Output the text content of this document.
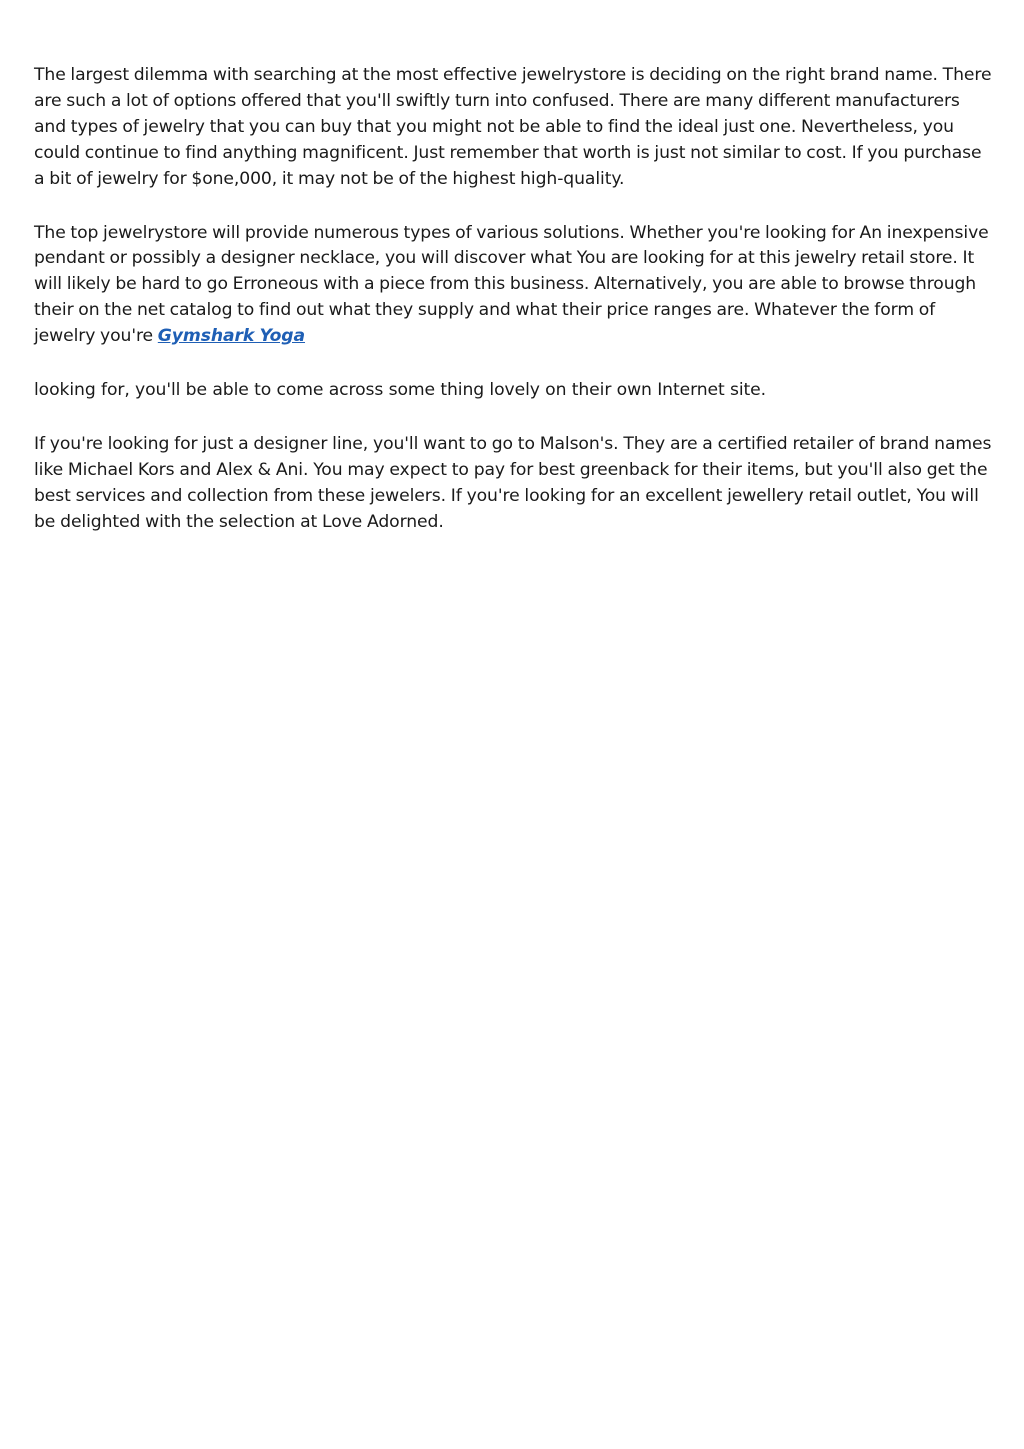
The largest dilemma with searching at the most effective jewelrystore is deciding on the right brand name. There are such a lot of options offered that you'll swiftly turn into confused. There are many different manufacturers and types of jewelry that you can buy that you might not be able to find the ideal just one. Nevertheless, you could continue to find anything magnificent. Just remember that worth is just not similar to cost. If you purchase a bit of jewelry for $one,000, it may not be of the highest high-quality.

The top jewelrystore will provide numerous types of various solutions. Whether you're looking for An inexpensive pendant or possibly a designer necklace, you will discover what You are looking for at this jewelry retail store. It will likely be hard to go Erroneous with a piece from this business. Alternatively, you are able to browse through their on the net catalog to find out what they supply and what their price ranges are. Whatever the form of jewelry you're Gymshark Yoga

looking for, you'll be able to come across some thing lovely on their own Internet site.

If you're looking for just a designer line, you'll want to go to Malson's. They are a certified retailer of brand names like Michael Kors and Alex & Ani. You may expect to pay for best greenback for their items, but you'll also get the best services and collection from these jewelers. If you're looking for an excellent jewellery retail outlet, You will be delighted with the selection at Love Adorned.
